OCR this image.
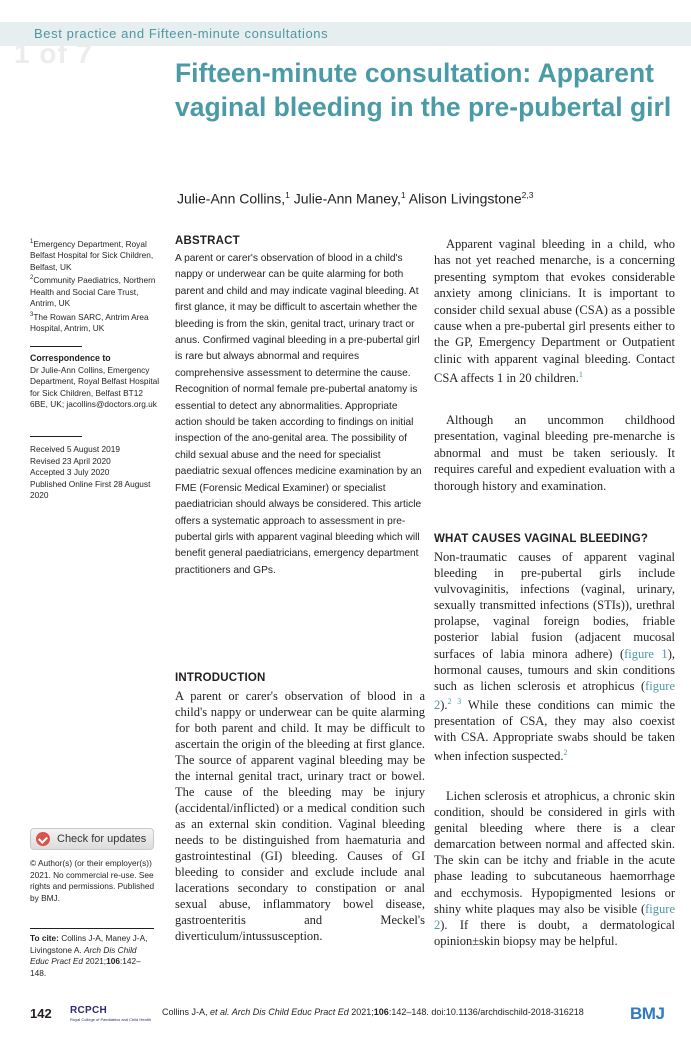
Best practice and Fifteen-minute consultations
1 of 7
Fifteen-minute consultation: Apparent vaginal bleeding in the pre-pubertal girl
Julie-Ann Collins,$^1$ Julie-Ann Maney,$^1$ Alison Livingstone$^{2,3}$
$^1$Emergency Department, Royal Belfast Hospital for Sick Children, Belfast, UK
$^2$Community Paediatrics, Northern Health and Social Care Trust, Antrim, UK
$^3$The Rowan SARC, Antrim Area Hospital, Antrim, UK
Correspondence to
Dr Julie-Ann Collins, Emergency Department, Royal Belfast Hospital for Sick Children, Belfast BT12 6BE, UK; jacollins@doctors.org.uk
Received 5 August 2019
Revised 23 April 2020
Accepted 3 July 2020
Published Online First 28 August 2020
Check for updates
© Author(s) (or their employer(s)) 2021. No commercial re-use. See rights and permissions. Published by BMJ.
To cite: Collins J-A, Maney J-A, Livingstone A. Arch Dis Child Educ Pract Ed 2021;106:142–148.
ABSTRACT
A parent or carer's observation of blood in a child's nappy or underwear can be quite alarming for both parent and child and may indicate vaginal bleeding. At first glance, it may be difficult to ascertain whether the bleeding is from the skin, genital tract, urinary tract or anus. Confirmed vaginal bleeding in a pre-pubertal girl is rare but always abnormal and requires comprehensive assessment to determine the cause. Recognition of normal female pre-pubertal anatomy is essential to detect any abnormalities. Appropriate action should be taken according to findings on initial inspection of the ano-genital area. The possibility of child sexual abuse and the need for specialist paediatric sexual offences medicine examination by an FME (Forensic Medical Examiner) or specialist paediatrician should always be considered. This article offers a systematic approach to assessment in pre-pubertal girls with apparent vaginal bleeding which will benefit general paediatricians, emergency department practitioners and GPs.
INTRODUCTION
A parent or carer's observation of blood in a child's nappy or underwear can be quite alarming for both parent and child. It may be difficult to ascertain the origin of the bleeding at first glance. The source of apparent vaginal bleeding may be the internal genital tract, urinary tract or bowel. The cause of the bleeding may be injury (accidental/inflicted) or a medical condition such as an external skin condition. Vaginal bleeding needs to be distinguished from haematuria and gastrointestinal (GI) bleeding. Causes of GI bleeding to consider and exclude include anal lacerations secondary to constipation or anal sexual abuse, inflammatory bowel disease, gastroenteritis and Meckel's diverticulum/intussusception.
Apparent vaginal bleeding in a child, who has not yet reached menarche, is a concerning presenting symptom that evokes considerable anxiety among clinicians. It is important to consider child sexual abuse (CSA) as a possible cause when a pre-pubertal girl presents either to the GP, Emergency Department or Outpatient clinic with apparent vaginal bleeding. Contact CSA affects 1 in 20 children.$^1$
Although an uncommon childhood presentation, vaginal bleeding pre-menarche is abnormal and must be taken seriously. It requires careful and expedient evaluation with a thorough history and examination.
WHAT CAUSES VAGINAL BLEEDING?
Non-traumatic causes of apparent vaginal bleeding in pre-pubertal girls include vulvovaginitis, infections (vaginal, urinary, sexually transmitted infections (STIs)), urethral prolapse, vaginal foreign bodies, friable posterior labial fusion (adjacent mucosal surfaces of labia minora adhere) (figure 1), hormonal causes, tumours and skin conditions such as lichen sclerosis et atrophicus (figure 2).$^{2 3}$ While these conditions can mimic the presentation of CSA, they may also coexist with CSA. Appropriate swabs should be taken when infection suspected.$^2$
Lichen sclerosis et atrophicus, a chronic skin condition, should be considered in girls with genital bleeding where there is a clear demarcation between normal and affected skin. The skin can be itchy and friable in the acute phase leading to subcutaneous haemorrhage and ecchymosis. Hypopigmented lesions or shiny white plaques may also be visible (figure 2). If there is doubt, a dermatological opinion±skin biopsy may be helpful.
142 RCPCH
Royal College of Paediatrics and Child Health
Collins J-A, et al. Arch Dis Child Educ Pract Ed 2021;106:142–148. doi:10.1136/archdischild-2018-316218	BMJ
